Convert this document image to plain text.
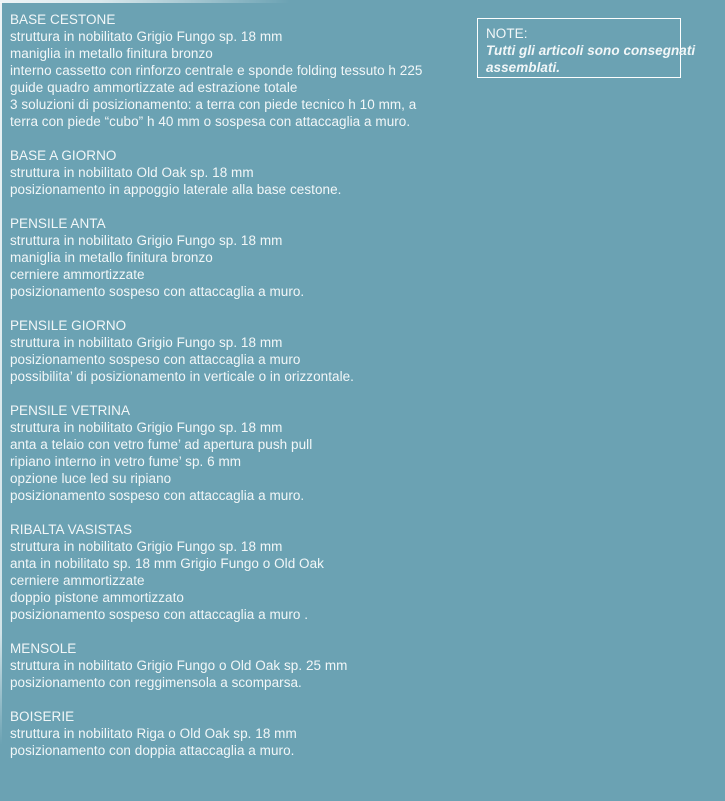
BASE CESTONE

struttura in nobilitato Grigio Fungo sp. 18 mm

maniglia in metallo finitura bronzo

interno cassetto con rinforzo centrale e sponde folding tessuto h 225

guide quadro ammortizzate ad estrazione totale

3 soluzioni di posizionamento: a terra con piede tecnico h 10 mm, a

terra con piede “cubo” h 40 mm o sospesa con attaccaglia a muro.

BASE A GIORNO

struttura in nobilitato Old Oak sp. 18 mm

posizionamento in appoggio laterale alla base cestone.

PENSILE ANTA

struttura in nobilitato Grigio Fungo sp. 18 mm

maniglia in metallo finitura bronzo

cerniere ammortizzate

posizionamento sospeso con attaccaglia a muro.

PENSILE GIORNO

struttura in nobilitato Grigio Fungo sp. 18 mm

posizionamento sospeso con attaccaglia a muro

possibilita’ di posizionamento in verticale o in orizzontale.

PENSILE VETRINA

struttura in nobilitato Grigio Fungo sp. 18 mm

anta a telaio con vetro fume’ ad apertura push pull

ripiano interno in vetro fume’ sp. 6 mm

opzione luce led su ripiano

posizionamento sospeso con attaccaglia a muro.

RIBALTA VASISTAS

struttura in nobilitato Grigio Fungo sp. 18 mm

anta in nobilitato sp. 18 mm Grigio Fungo o Old Oak

cerniere ammortizzate

doppio pistone ammortizzato

posizionamento sospeso con attaccaglia a muro .

MENSOLE

struttura in nobilitato Grigio Fungo o Old Oak sp. 25 mm

posizionamento con reggimensola a scomparsa.

BOISERIE

struttura in nobilitato Riga o Old Oak sp. 18 mm

posizionamento con doppia attaccaglia a muro.

NOTE:

Tutti gli articoli sono consegnati

assemblati.
